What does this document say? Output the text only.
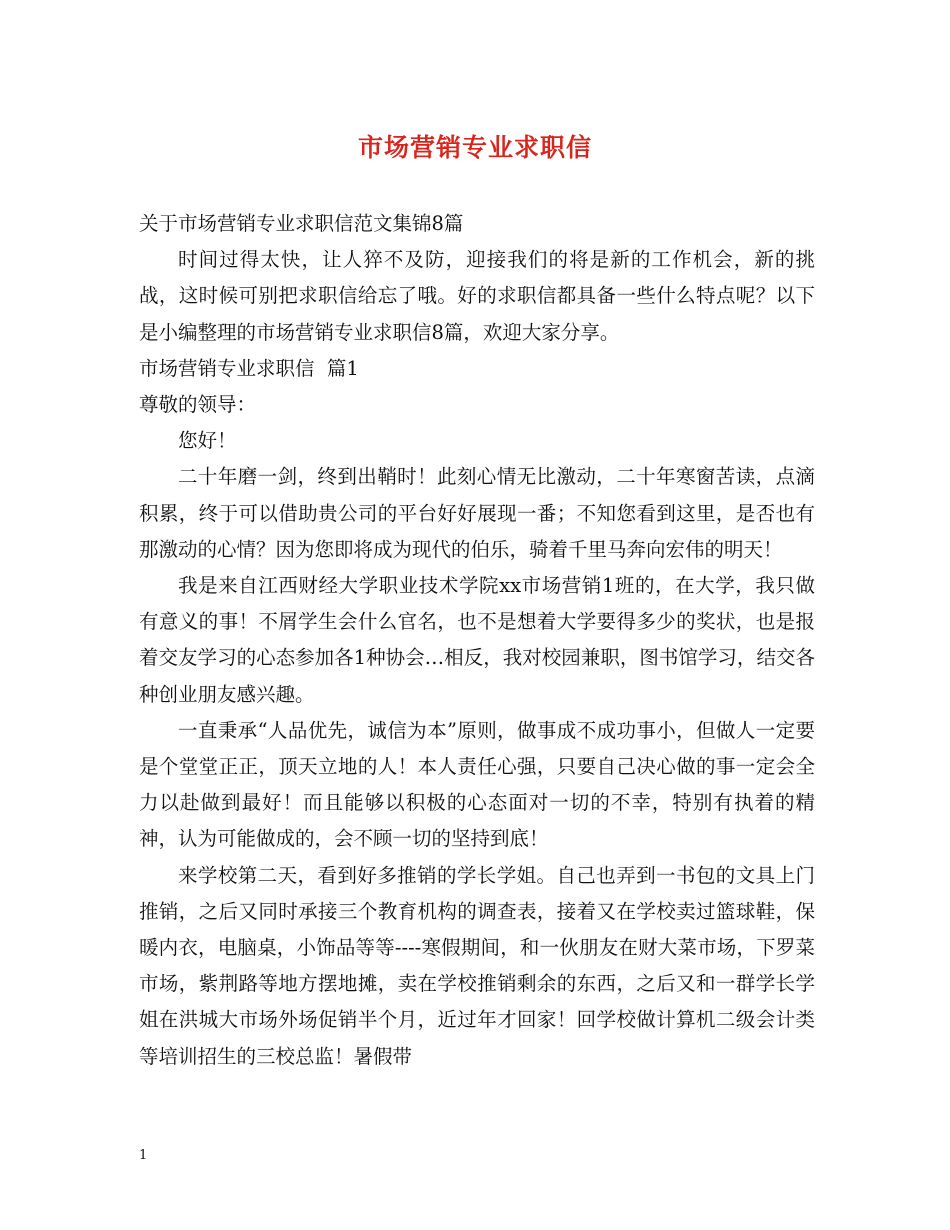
市场营销专业求职信

关于市场营销专业求职信范文集锦8篇

时间过得太快，让人猝不及防，迎接我们的将是新的工作机会，新的挑战，这时候可别把求职信给忘了哦。好的求职信都具备一些什么特点呢？以下是小编整理的市场营销专业求职信8篇，欢迎大家分享。

市场营销专业求职信  篇1

尊敬的领导：

您好！

二十年磨一剑，终到出鞘时！此刻心情无比激动，二十年寒窗苦读，点滴积累，终于可以借助贵公司的平台好好展现一番；不知您看到这里，是否也有那激动的心情？因为您即将成为现代的伯乐，骑着千里马奔向宏伟的明天！

我是来自江西财经大学职业技术学院xx市场营销1班的，在大学，我只做有意义的事！不屑学生会什么官名，也不是想着大学要得多少的奖状，也是报着交友学习的心态参加各1种协会…相反，我对校园兼职，图书馆学习，结交各种创业朋友感兴趣。

一直秉承“人品优先，诚信为本”原则，做事成不成功事小，但做人一定要是个堂堂正正，顶天立地的人！本人责任心强，只要自己决心做的事一定会全力以赴做到最好！而且能够以积极的心态面对一切的不幸，特别有执着的精神，认为可能做成的，会不顾一切的坚持到底！

来学校第二天，看到好多推销的学长学姐。自己也弄到一书包的文具上门推销，之后又同时承接三个教育机构的调查表，接着又在学校卖过篮球鞋，保暖内衣，电脑桌，小饰品等等----寒假期间，和一伙朋友在财大菜市场，下罗菜市场，紫荆路等地方摆地摊，卖在学校推销剩余的东西，之后又和一群学长学姐在洪城大市场外场促销半个月，近过年才回家！回学校做计算机二级会计类等培训招生的三校总监！暑假带

1
